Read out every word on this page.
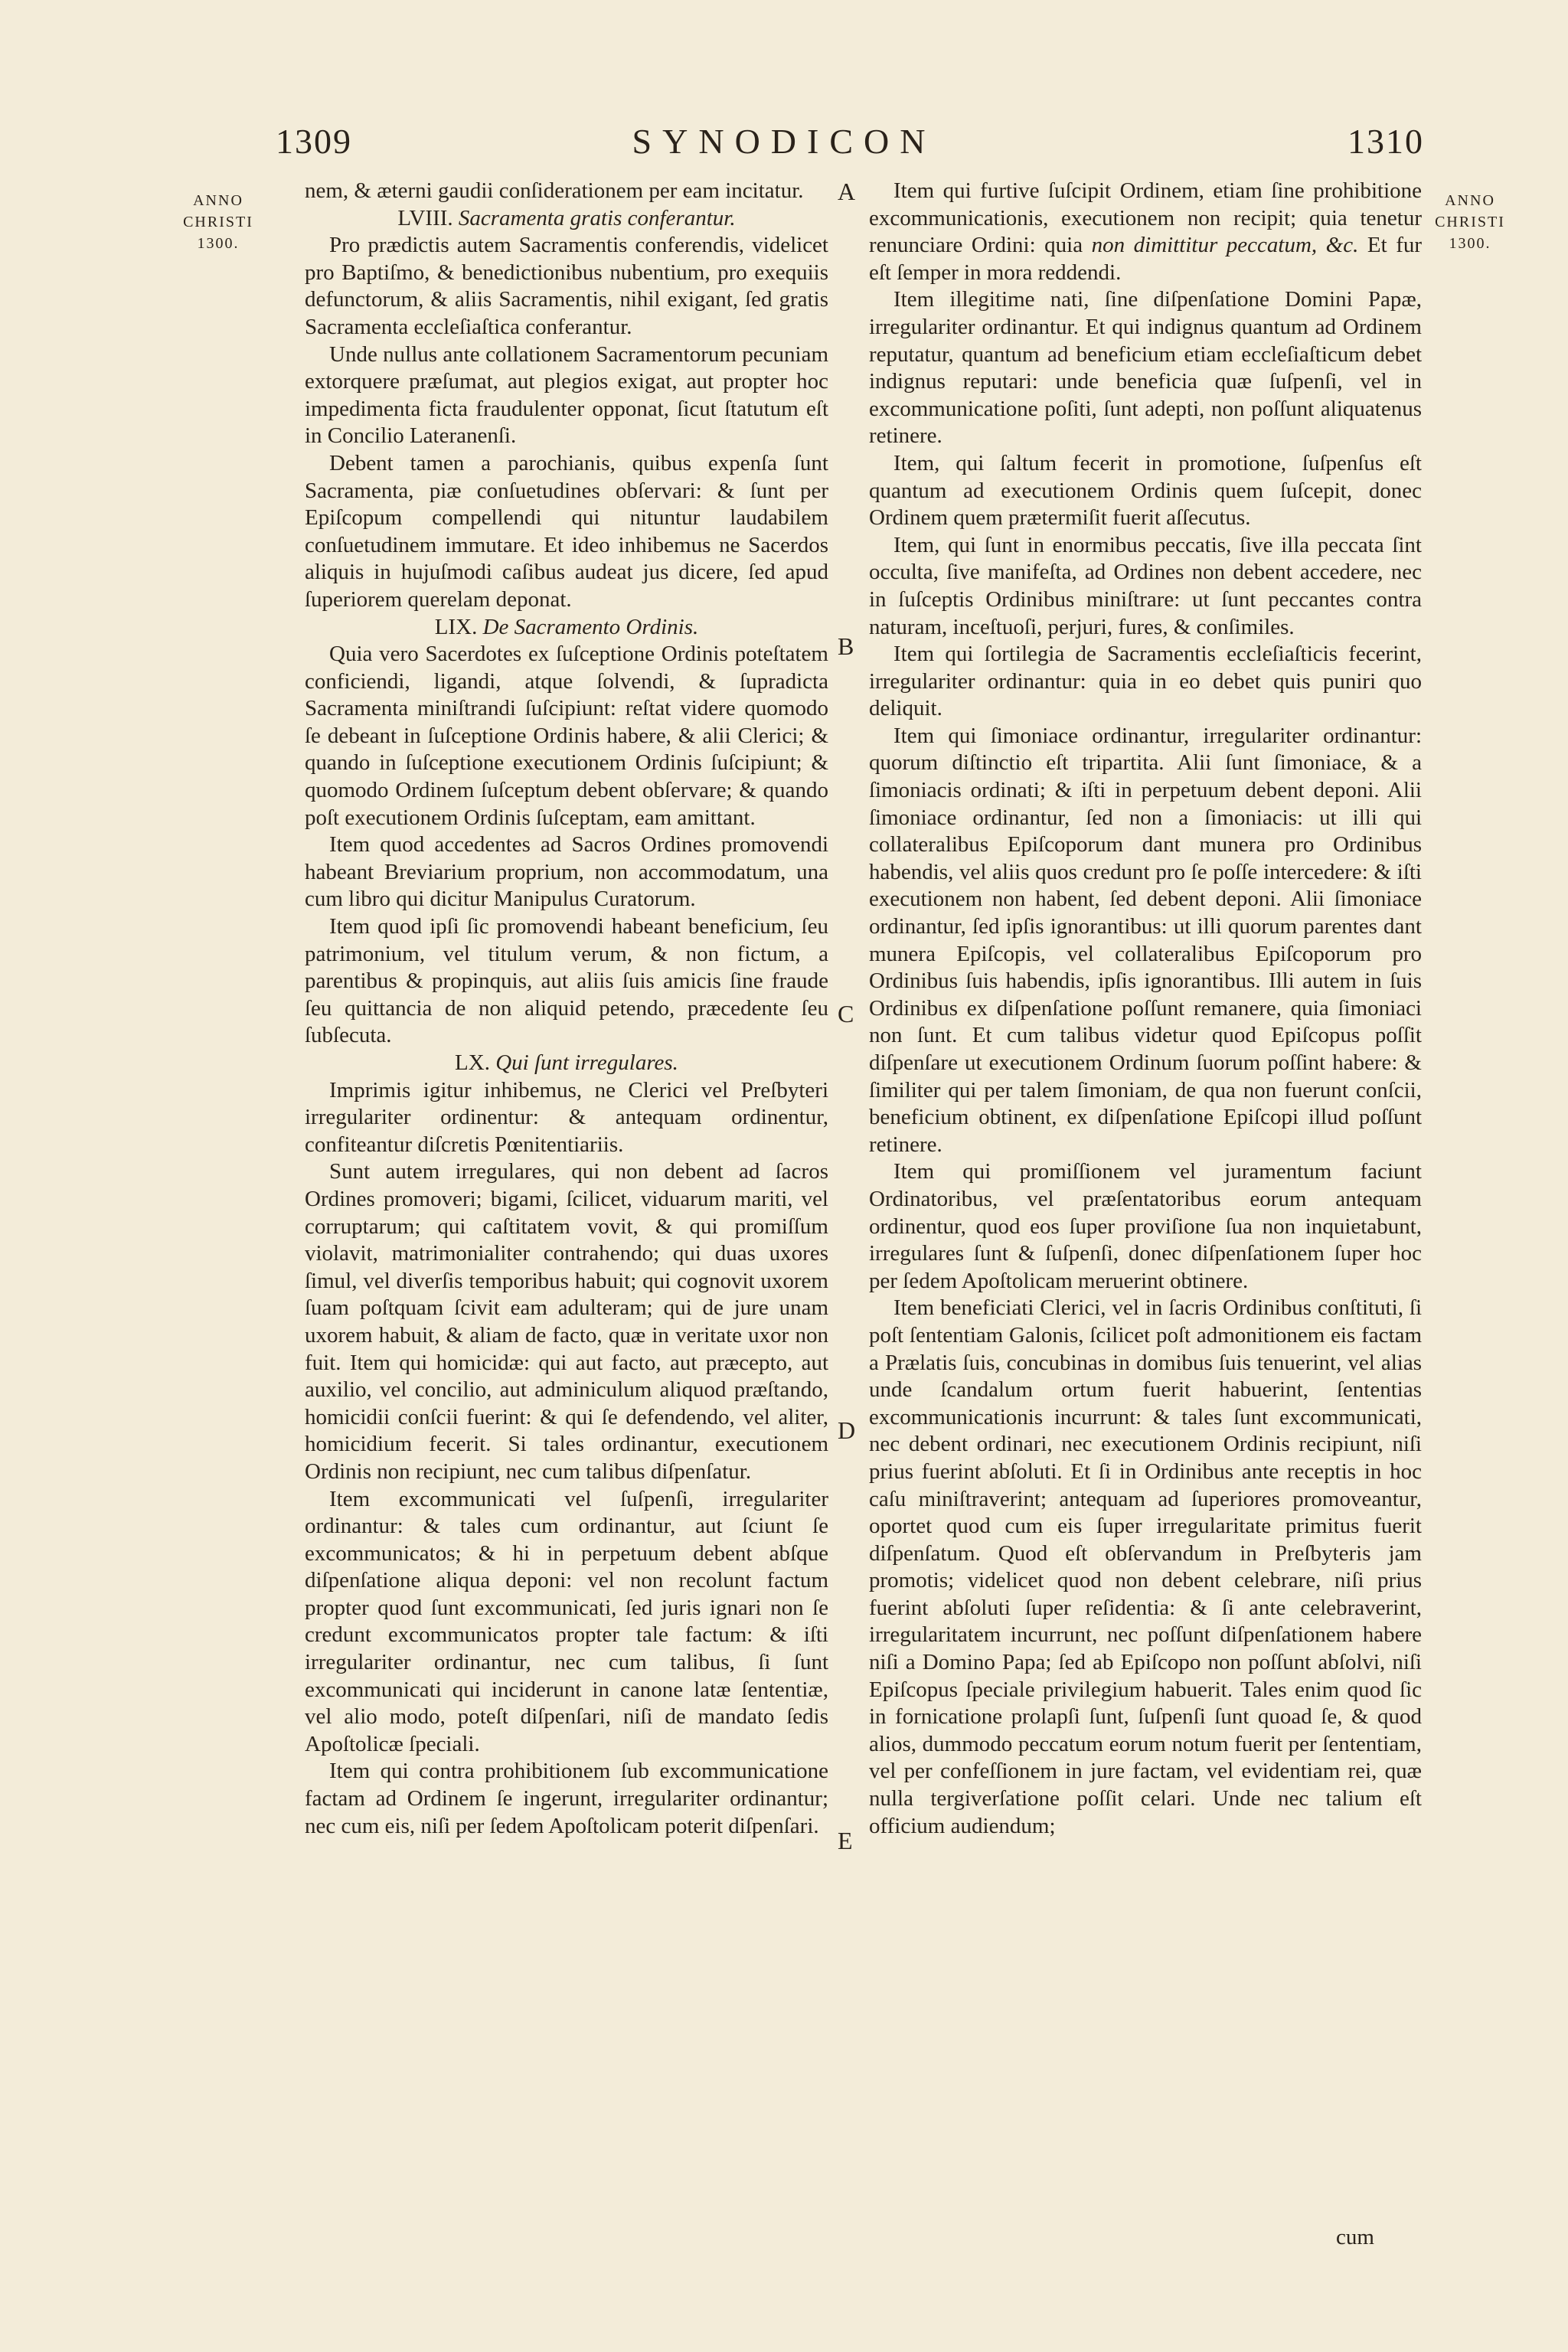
1309	SYNODICON	1310
ANNO
CHRISTI
1300.
ANNO
CHRISTI
1300.
A
B
C
D
E

nem, & æterni gaudii conſiderationem per eam incitatur.

LVIII. Sacramenta gratis conferantur.

Pro prædictis autem Sacramentis conferendis, videlicet pro Baptiſmo, & benedictionibus nubentium, pro exequiis defunctorum, & aliis Sacramentis, nihil exigant, ſed gratis Sacramenta eccleſiaſtica conferantur.

Unde nullus ante collationem Sacramentorum pecuniam extorquere præſumat, aut plegios exigat, aut propter hoc impedimenta ficta fraudulenter opponat, ſicut ſtatutum eſt in Concilio Lateranenſi.

Debent tamen a parochianis, quibus expenſa ſunt Sacramenta, piæ conſuetudines obſervari: & ſunt per Epiſcopum compellendi qui nituntur laudabilem conſuetudinem immutare. Et ideo inhibemus ne Sacerdos aliquis in hujuſmodi caſibus audeat jus dicere, ſed apud ſuperiorem querelam deponat.

LIX. De Sacramento Ordinis.

Quia vero Sacerdotes ex ſuſceptione Ordinis poteſtatem conficiendi, ligandi, atque ſolvendi, & ſupradicta Sacramenta miniſtrandi ſuſcipiunt: reſtat videre quomodo ſe debeant in ſuſceptione Ordinis habere, & alii Clerici; & quando in ſuſceptione executionem Ordinis ſuſcipiunt; & quomodo Ordinem ſuſceptum debent obſervare; & quando poſt executionem Ordinis ſuſceptam, eam amittant.

Item quod accedentes ad Sacros Ordines promovendi habeant Breviarium proprium, non accommodatum, una cum libro qui dicitur Manipulus Curatorum.

Item quod ipſi ſic promovendi habeant beneficium, ſeu patrimonium, vel titulum verum, & non fictum, a parentibus & propinquis, aut aliis ſuis amicis ſine fraude ſeu quittancia de non aliquid petendo, præcedente ſeu ſubſecuta.

LX. Qui ſunt irregulares.

Imprimis igitur inhibemus, ne Clerici vel Preſbyteri irregulariter ordinentur: & antequam ordinentur, confiteantur diſcretis Pœnitentiariis.

Sunt autem irregulares, qui non debent ad ſacros Ordines promoveri; bigami, ſcilicet, viduarum mariti, vel corruptarum; qui caſtitatem vovit, & qui promiſſum violavit, matrimonialiter contrahendo; qui duas uxores ſimul, vel diverſis temporibus habuit; qui cognovit uxorem ſuam poſtquam ſcivit eam adulteram; qui de jure unam uxorem habuit, & aliam de facto, quæ in veritate uxor non fuit. Item qui homicidæ: qui aut facto, aut præcepto, aut auxilio, vel concilio, aut adminiculum aliquod præſtando, homicidii conſcii fuerint: & qui ſe defendendo, vel aliter, homicidium fecerit. Si tales ordinantur, executionem Ordinis non recipiunt, nec cum talibus diſpenſatur.

Item excommunicati vel ſuſpenſi, irregulariter ordinantur: & tales cum ordinantur, aut ſciunt ſe excommunicatos; & hi in perpetuum debent abſque diſpenſatione aliqua deponi: vel non recolunt factum propter quod ſunt excommunicati, ſed juris ignari non ſe credunt excommunicatos propter tale factum: & iſti irregulariter ordinantur, nec cum talibus, ſi ſunt excommunicati qui inciderunt in canone latæ ſententiæ, vel alio modo, poteſt diſpenſari, niſi de mandato ſedis Apoſtolicæ ſpeciali.

Item qui contra prohibitionem ſub excommunicatione factam ad Ordinem ſe ingerunt, irregulariter ordinantur; nec cum eis, niſi per ſedem Apoſtolicam poterit diſpenſari.

Item qui furtive ſuſcipit Ordinem, etiam ſine prohibitione excommunicationis, executionem non recipit; quia tenetur renunciare Ordini: quia non dimittitur peccatum, &c. Et fur eſt ſemper in mora reddendi.

Item illegitime nati, ſine diſpenſatione Domini Papæ, irregulariter ordinantur. Et qui indignus quantum ad Ordinem reputatur, quantum ad beneficium etiam eccleſiaſticum debet indignus reputari: unde beneficia quæ ſuſpenſi, vel in excommunicatione poſiti, ſunt adepti, non poſſunt aliquatenus retinere.

Item, qui ſaltum fecerit in promotione, ſuſpenſus eſt quantum ad executionem Ordinis quem ſuſcepit, donec Ordinem quem prætermiſit fuerit aſſecutus.

Item, qui ſunt in enormibus peccatis, ſive illa peccata ſint occulta, ſive manifeſta, ad Ordines non debent accedere, nec in ſuſceptis Ordinibus miniſtrare: ut ſunt peccantes contra naturam, inceſtuoſi, perjuri, fures, & conſimiles.

Item qui ſortilegia de Sacramentis eccleſiaſticis fecerint, irregulariter ordinantur: quia in eo debet quis puniri quo deliquit.

Item qui ſimoniace ordinantur, irregulariter ordinantur: quorum diſtinctio eſt tripartita. Alii ſunt ſimoniace, & a ſimoniacis ordinati; & iſti in perpetuum debent deponi. Alii ſimoniace ordinantur, ſed non a ſimoniacis: ut illi qui collateralibus Epiſcoporum dant munera pro Ordinibus habendis, vel aliis quos credunt pro ſe poſſe intercedere: & iſti executionem non habent, ſed debent deponi. Alii ſimoniace ordinantur, ſed ipſis ignorantibus: ut illi quorum parentes dant munera Epiſcopis, vel collateralibus Epiſcoporum pro Ordinibus ſuis habendis, ipſis ignorantibus. Illi autem in ſuis Ordinibus ex diſpenſatione poſſunt remanere, quia ſimoniaci non ſunt. Et cum talibus videtur quod Epiſcopus poſſit diſpenſare ut executionem Ordinum ſuorum poſſint habere: & ſimiliter qui per talem ſimoniam, de qua non fuerunt conſcii, beneficium obtinent, ex diſpenſatione Epiſcopi illud poſſunt retinere.

Item qui promiſſionem vel juramentum faciunt Ordinatoribus, vel præſentatoribus eorum antequam ordinentur, quod eos ſuper proviſione ſua non inquietabunt, irregulares ſunt & ſuſpenſi, donec diſpenſationem ſuper hoc per ſedem Apoſtolicam meruerint obtinere.

Item beneficiati Clerici, vel in ſacris Ordinibus conſtituti, ſi poſt ſententiam Galonis, ſcilicet poſt admonitionem eis factam a Prælatis ſuis, concubinas in domibus ſuis tenuerint, vel alias unde ſcandalum ortum fuerit habuerint, ſententias excommunicationis incurrunt: & tales ſunt excommunicati, nec debent ordinari, nec executionem Ordinis recipiunt, niſi prius fuerint abſoluti. Et ſi in Ordinibus ante receptis in hoc caſu miniſtraverint; antequam ad ſuperiores promoveantur, oportet quod cum eis ſuper irregularitate primitus fuerit diſpenſatum. Quod eſt obſervandum in Preſbyteris jam promotis; videlicet quod non debent celebrare, niſi prius fuerint abſoluti ſuper reſidentia: & ſi ante celebraverint, irregularitatem incurrunt, nec poſſunt diſpenſationem habere niſi a Domino Papa; ſed ab Epiſcopo non poſſunt abſolvi, niſi Epiſcopus ſpeciale privilegium habuerit. Tales enim quod ſic in fornicatione prolapſi ſunt, ſuſpenſi ſunt quoad ſe, & quod alios, dummodo peccatum eorum notum fuerit per ſententiam, vel per confeſſionem in jure factam, vel evidentiam rei, quæ nulla tergiverſatione poſſit celari. Unde nec talium eſt officium audiendum;

cum
